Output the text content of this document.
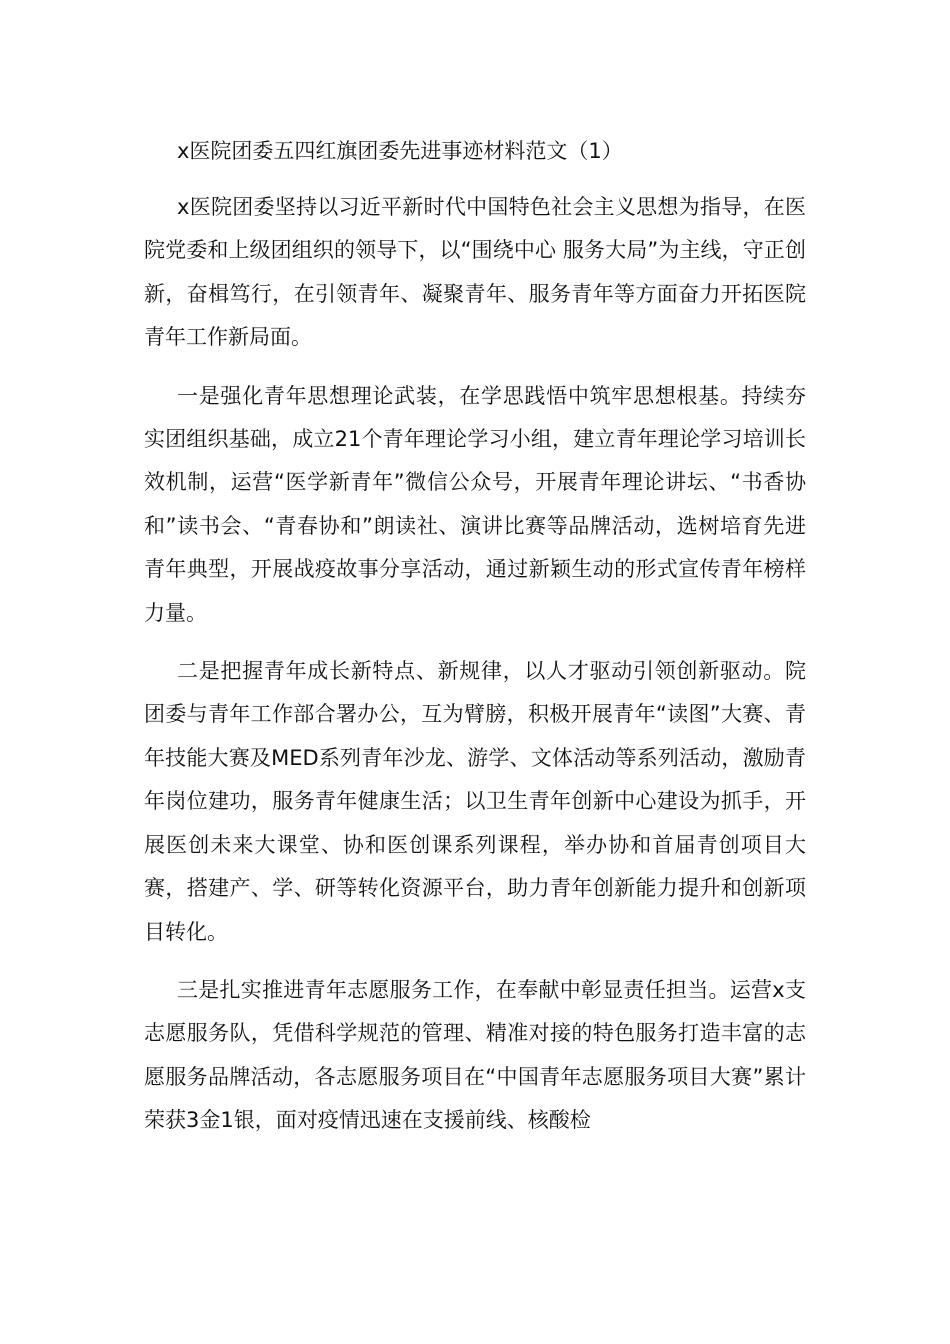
x医院团委五四红旗团委先进事迹材料范文（1）

x医院团委坚持以习近平新时代中国特色社会主义思想为指导，在医院党委和上级团组织的领导下，以“围绕中心 服务大局”为主线，守正创新，奋楫笃行，在引领青年、凝聚青年、服务青年等方面奋力开拓医院青年工作新局面。

一是强化青年思想理论武装，在学思践悟中筑牢思想根基。持续夯实团组织基础，成立21个青年理论学习小组，建立青年理论学习培训长效机制，运营“医学新青年”微信公众号，开展青年理论讲坛、“书香协和”读书会、“青春协和”朗读社、演讲比赛等品牌活动，选树培育先进青年典型，开展战疫故事分享活动，通过新颖生动的形式宣传青年榜样力量。

二是把握青年成长新特点、新规律，以人才驱动引领创新驱动。院团委与青年工作部合署办公，互为臂膀，积极开展青年“读图”大赛、青年技能大赛及MED系列青年沙龙、游学、文体活动等系列活动，激励青年岗位建功，服务青年健康生活；以卫生青年创新中心建设为抓手，开展医创未来大课堂、协和医创课系列课程，举办协和首届青创项目大赛，搭建产、学、研等转化资源平台，助力青年创新能力提升和创新项目转化。

三是扎实推进青年志愿服务工作，在奉献中彰显责任担当。运营x支志愿服务队，凭借科学规范的管理、精准对接的特色服务打造丰富的志愿服务品牌活动，各志愿服务项目在“中国青年志愿服务项目大赛”累计荣获3金1银，面对疫情迅速在支援前线、核酸检
